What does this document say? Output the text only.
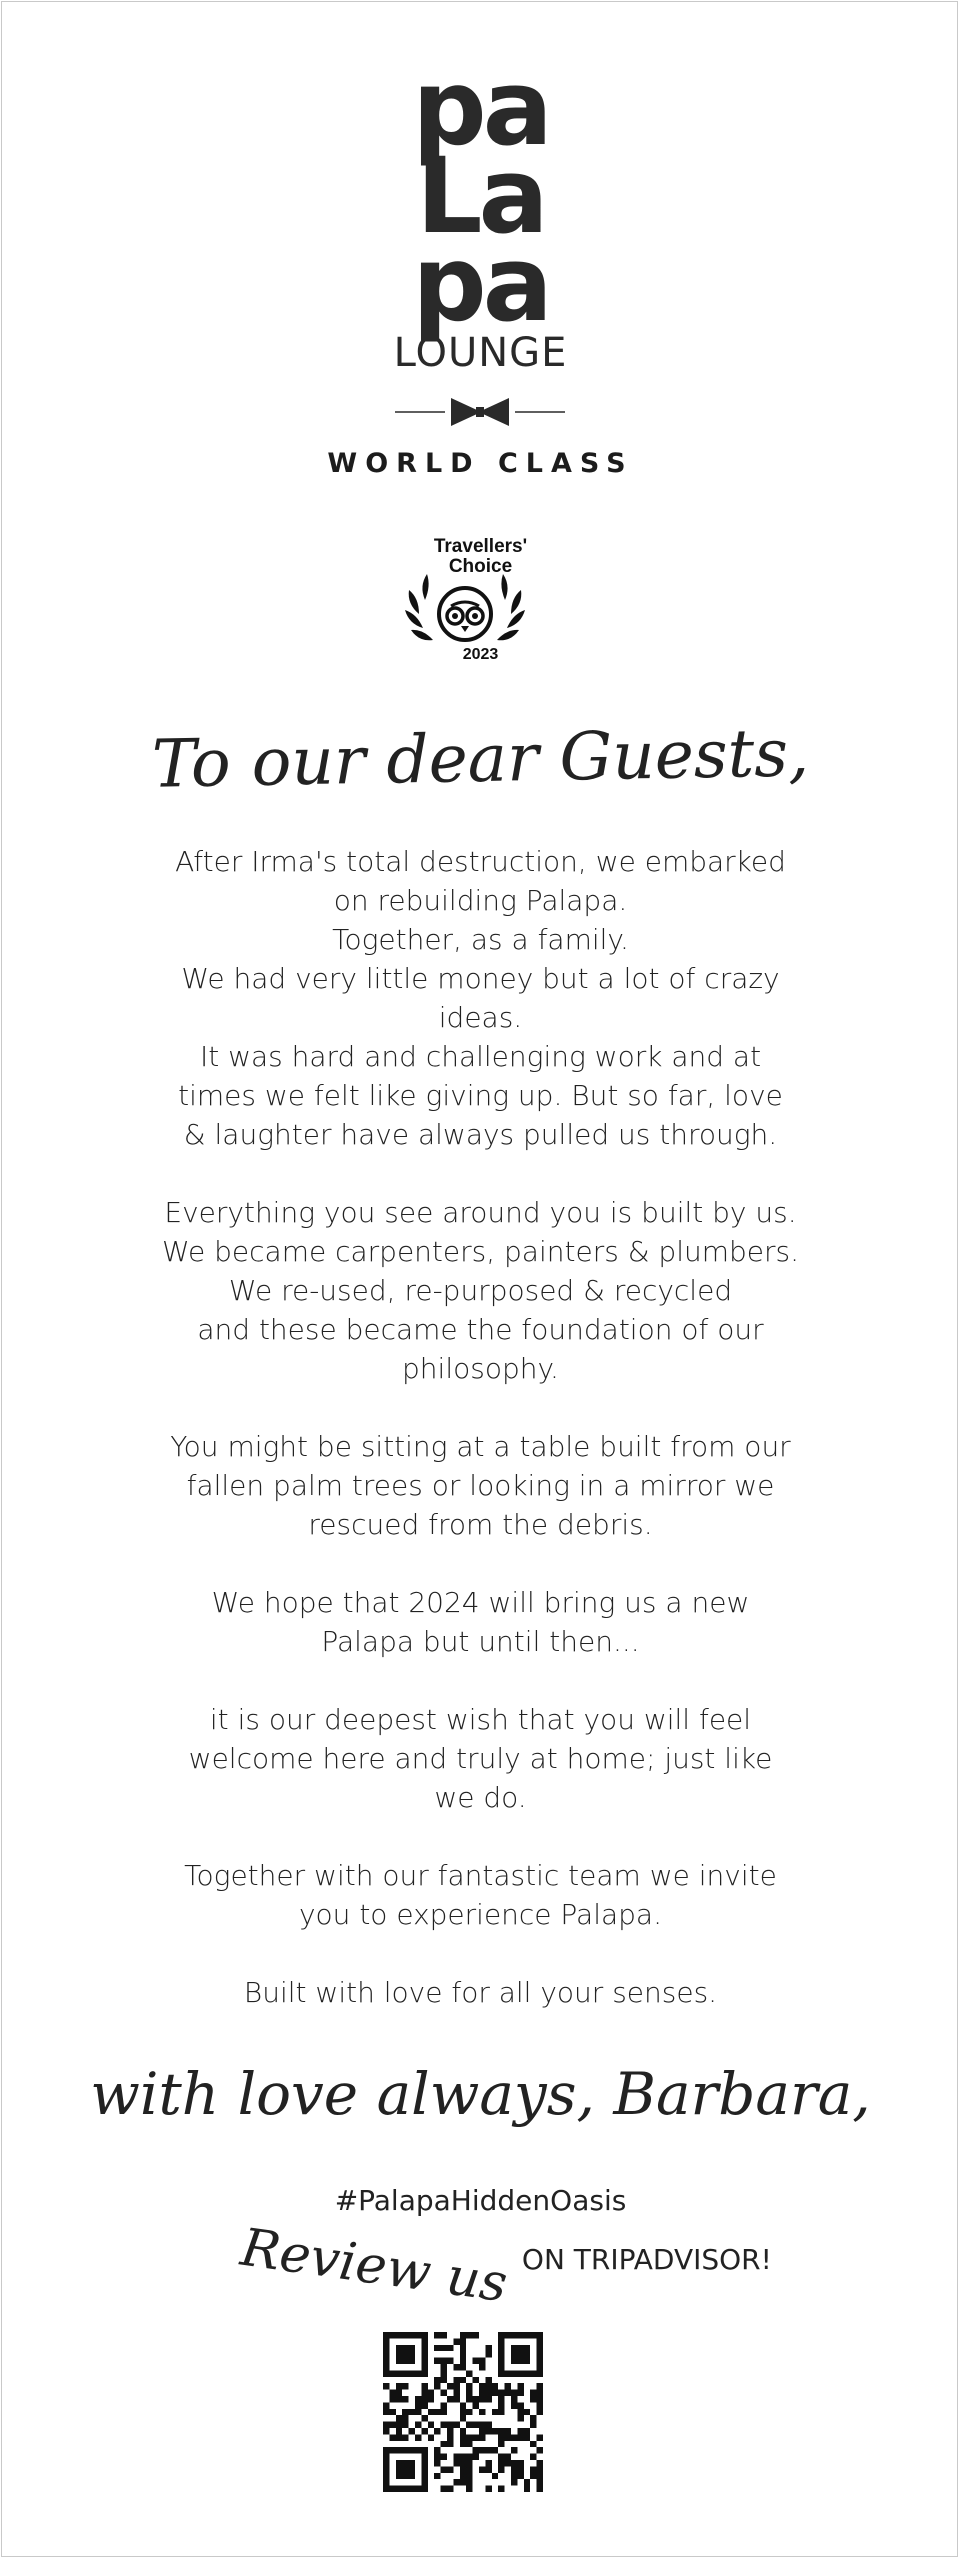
pa
La
pa
LOUNGE
WORLD CLASS
Travellers'
Choice
2023
To our dear Guests,

After Irma's total destruction, we embarked

on rebuilding Palapa.

Together, as a family.

We had very little money but a lot of crazy

ideas.

It was hard and challenging work and at

times we felt like giving up. But so far, love

& laughter have always pulled us through.

Everything you see around you is built by us.

We became carpenters, painters & plumbers.

We re-used, re-purposed & recycled

and these became the foundation of our

philosophy.

You might be sitting at a table built from our

fallen palm trees or looking in a mirror we

rescued from the debris.

We hope that 2024 will bring us a new

Palapa but until then...

it is our deepest wish that you will feel

welcome here and truly at home; just like

we do.

Together with our fantastic team we invite

you to experience Palapa.

Built with love for all your senses.

with love always, Barbara,
#PalapaHiddenOasis
Review us ON TRIPADVISOR!
